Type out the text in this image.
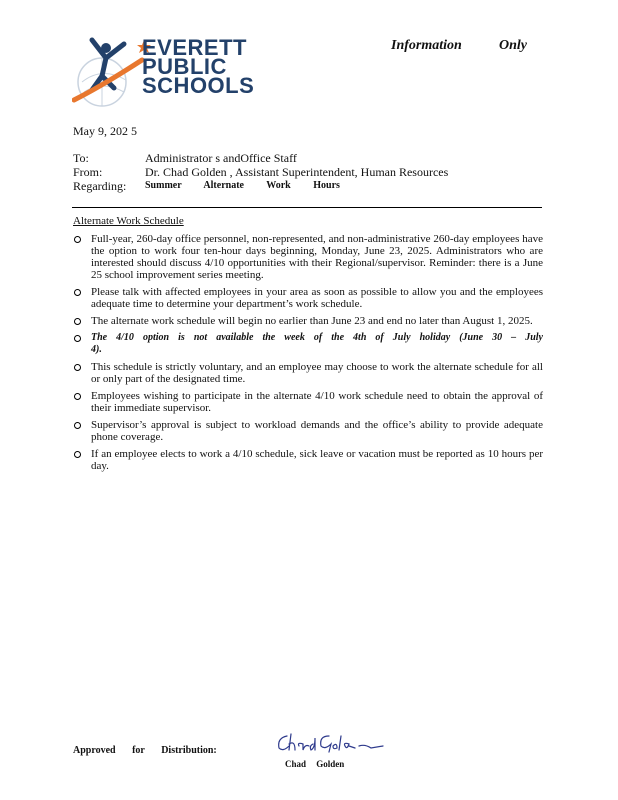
EVERETT
PUBLIC
SCHOOLS
Information	Only
May 9, 202 5
To:	Administrator s andOffice Staff
From:	Dr. Chad Golden , Assistant Superintendent, Human Resources
Regarding:	Summer Alternate Work Hours
Alternate Work Schedule
Full-year, 260-day office personnel, non-represented, and non-administrative 260-day employees have the option to work four ten-hour days beginning, Monday, June 23, 2025. Administrators who are interested should discuss 4/10 opportunities with their Regional/supervisor. Reminder: there is a June 25 school improvement series meeting.
Please talk with affected employees in your area as soon as possible to allow you and the employees adequate time to determine your department’s work schedule.
The alternate work schedule will begin no earlier than June 23 and end no later than August 1, 2025.
The 4/10 option is not available the week of the 4th of July holiday (June 30 – July 4).
This schedule is strictly voluntary, and an employee may choose to work the alternate schedule for all or only part of the designated time.
Employees wishing to participate in the alternate 4/10 work schedule need to obtain the approval of their immediate supervisor.
Supervisor’s approval is subject to workload demands and the office’s ability to provide adequate phone coverage.
If an employee elects to work a 4/10 schedule, sick leave or vacation must be reported as 10 hours per day.
Approved for Distribution:
Chad Golden
